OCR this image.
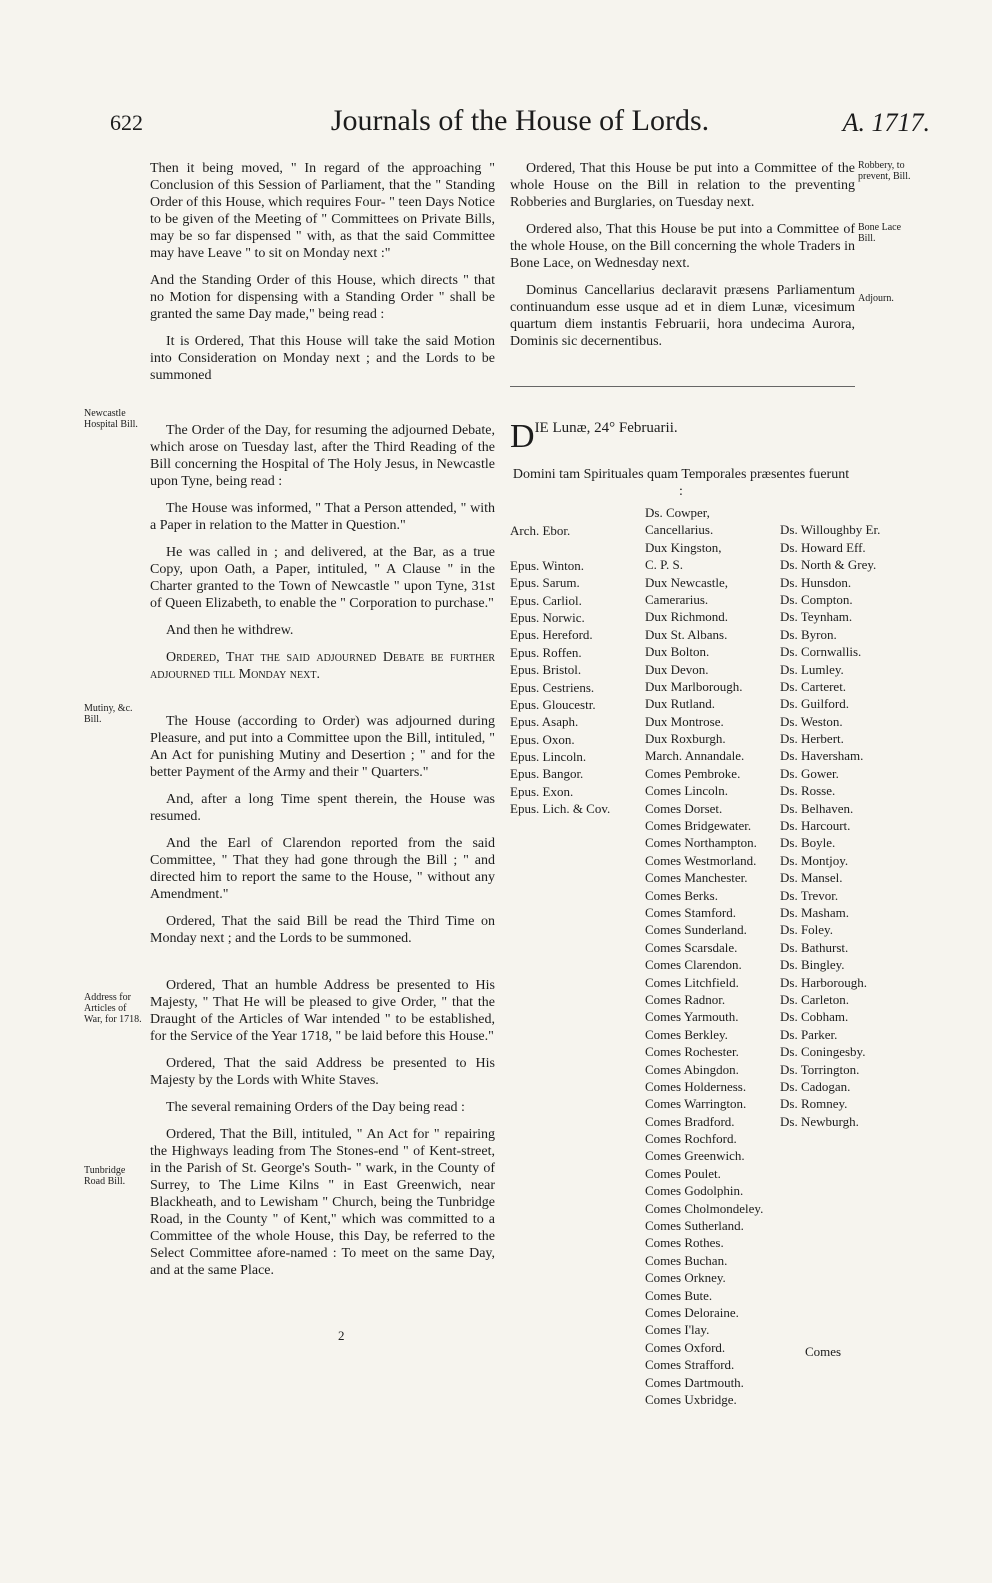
622	Journals of the House of Lords.	A. 1717.

Then it being moved, " In regard of the approaching " Conclusion of this Session of Parliament, that the " Standing Order of this House, which requires Four- " teen Days Notice to be given of the Meeting of " Committees on Private Bills, may be so far dispensed " with, as that the said Committee may have Leave " to sit on Monday next :"

And the Standing Order of this House, which directs " that no Motion for dispensing with a Standing Order " shall be granted the same Day made," being read :

It is Ordered, That this House will take the said Motion into Consideration on Monday next ; and the Lords to be summoned

The Order of the Day, for resuming the adjourned Debate, which arose on Tuesday last, after the Third Reading of the Bill concerning the Hospital of The Holy Jesus, in Newcastle upon Tyne, being read :

The House was informed, " That a Person attended, " with a Paper in relation to the Matter in Question."

He was called in ; and delivered, at the Bar, as a true Copy, upon Oath, a Paper, intituled, " A Clause " in the Charter granted to the Town of Newcastle " upon Tyne, 31st of Queen Elizabeth, to enable the " Corporation to purchase."

And then he withdrew.

Ordered, That the said adjourned Debate be further adjourned till Monday next.

The House (according to Order) was adjourned during Pleasure, and put into a Committee upon the Bill, intituled, " An Act for punishing Mutiny and Desertion ; " and for the better Payment of the Army and their " Quarters."

And, after a long Time spent therein, the House was resumed.

And the Earl of Clarendon reported from the said Committee, " That they had gone through the Bill ; " and directed him to report the same to the House, " without any Amendment."

Ordered, That the said Bill be read the Third Time on Monday next ; and the Lords to be summoned.

Ordered, That an humble Address be presented to His Majesty, " That He will be pleased to give Order, " that the Draught of the Articles of War intended " to be established, for the Service of the Year 1718, " be laid before this House."

Ordered, That the said Address be presented to His Majesty by the Lords with White Staves.

The several remaining Orders of the Day being read :

Ordered, That the Bill, intituled, " An Act for " repairing the Highways leading from The Stones-end " of Kent-street, in the Parish of St. George's South- " wark, in the County of Surrey, to The Lime Kilns " in East Greenwich, near Blackheath, and to Lewisham " Church, being the Tunbridge Road, in the County " of Kent," which was committed to a Committee of the whole House, this Day, be referred to the Select Committee afore-named : To meet on the same Day, and at the same Place.

Newcastle Hospital Bill.
Mutiny, &c. Bill.
Address for Articles of War, for 1718.
Tunbridge Road Bill.

Ordered, That this House be put into a Committee of the whole House on the Bill in relation to the preventing Robberies and Burglaries, on Tuesday next.

Ordered also, That this House be put into a Committee of the whole House, on the Bill concerning the whole Traders in Bone Lace, on Wednesday next.

Dominus Cancellarius declaravit præsens Parliamentum continuandum esse usque ad et in diem Lunæ, vicesimum quartum diem instantis Februarii, hora undecima Aurora, Dominis sic decernentibus.

Robbery, to prevent, Bill.
Bone Lace Bill.
Adjourn.
DIE Lunæ, 24° Februarii.
Domini tam Spirituales quam Temporales præsentes fuerunt :
Arch. Ebor.
Epus. Winton.
Epus. Sarum.
Epus. Carliol.
Epus. Norwic.
Epus. Hereford.
Epus. Roffen.
Epus. Bristol.
Epus. Cestriens.
Epus. Gloucestr.
Epus. Asaph.
Epus. Oxon.
Epus. Lincoln.
Epus. Bangor.
Epus. Exon.
Epus. Lich. & Cov.
Ds. Cowper,
Cancellarius.
Dux Kingston,
C. P. S.
Dux Newcastle,
Camerarius.
Dux Richmond.
Dux St. Albans.
Dux Bolton.
Dux Devon.
Dux Marlborough.
Dux Rutland.
Dux Montrose.
Dux Roxburgh.
March. Annandale.
Comes Pembroke.
Comes Lincoln.
Comes Dorset.
Comes Bridgewater.
Comes Northampton.
Comes Westmorland.
Comes Manchester.
Comes Berks.
Comes Stamford.
Comes Sunderland.
Comes Scarsdale.
Comes Clarendon.
Comes Litchfield.
Comes Radnor.
Comes Yarmouth.
Comes Berkley.
Comes Rochester.
Comes Abingdon.
Comes Holderness.
Comes Warrington.
Comes Bradford.
Comes Rochford.
Comes Greenwich.
Comes Poulet.
Comes Godolphin.
Comes Cholmondeley.
Comes Sutherland.
Comes Rothes.
Comes Buchan.
Comes Orkney.
Comes Bute.
Comes Deloraine.
Comes I'lay.
Comes Oxford.
Comes Strafford.
Comes Dartmouth.
Comes Uxbridge.
Ds. Willoughby Er.
Ds. Howard Eff.
Ds. North & Grey.
Ds. Hunsdon.
Ds. Compton.
Ds. Teynham.
Ds. Byron.
Ds. Cornwallis.
Ds. Lumley.
Ds. Carteret.
Ds. Guilford.
Ds. Weston.
Ds. Herbert.
Ds. Haversham.
Ds. Gower.
Ds. Rosse.
Ds. Belhaven.
Ds. Harcourt.
Ds. Boyle.
Ds. Montjoy.
Ds. Mansel.
Ds. Trevor.
Ds. Masham.
Ds. Foley.
Ds. Bathurst.
Ds. Bingley.
Ds. Harborough.
Ds. Carleton.
Ds. Cobham.
Ds. Parker.
Ds. Coningesby.
Ds. Torrington.
Ds. Cadogan.
Ds. Romney.
Ds. Newburgh.
2
Comes
